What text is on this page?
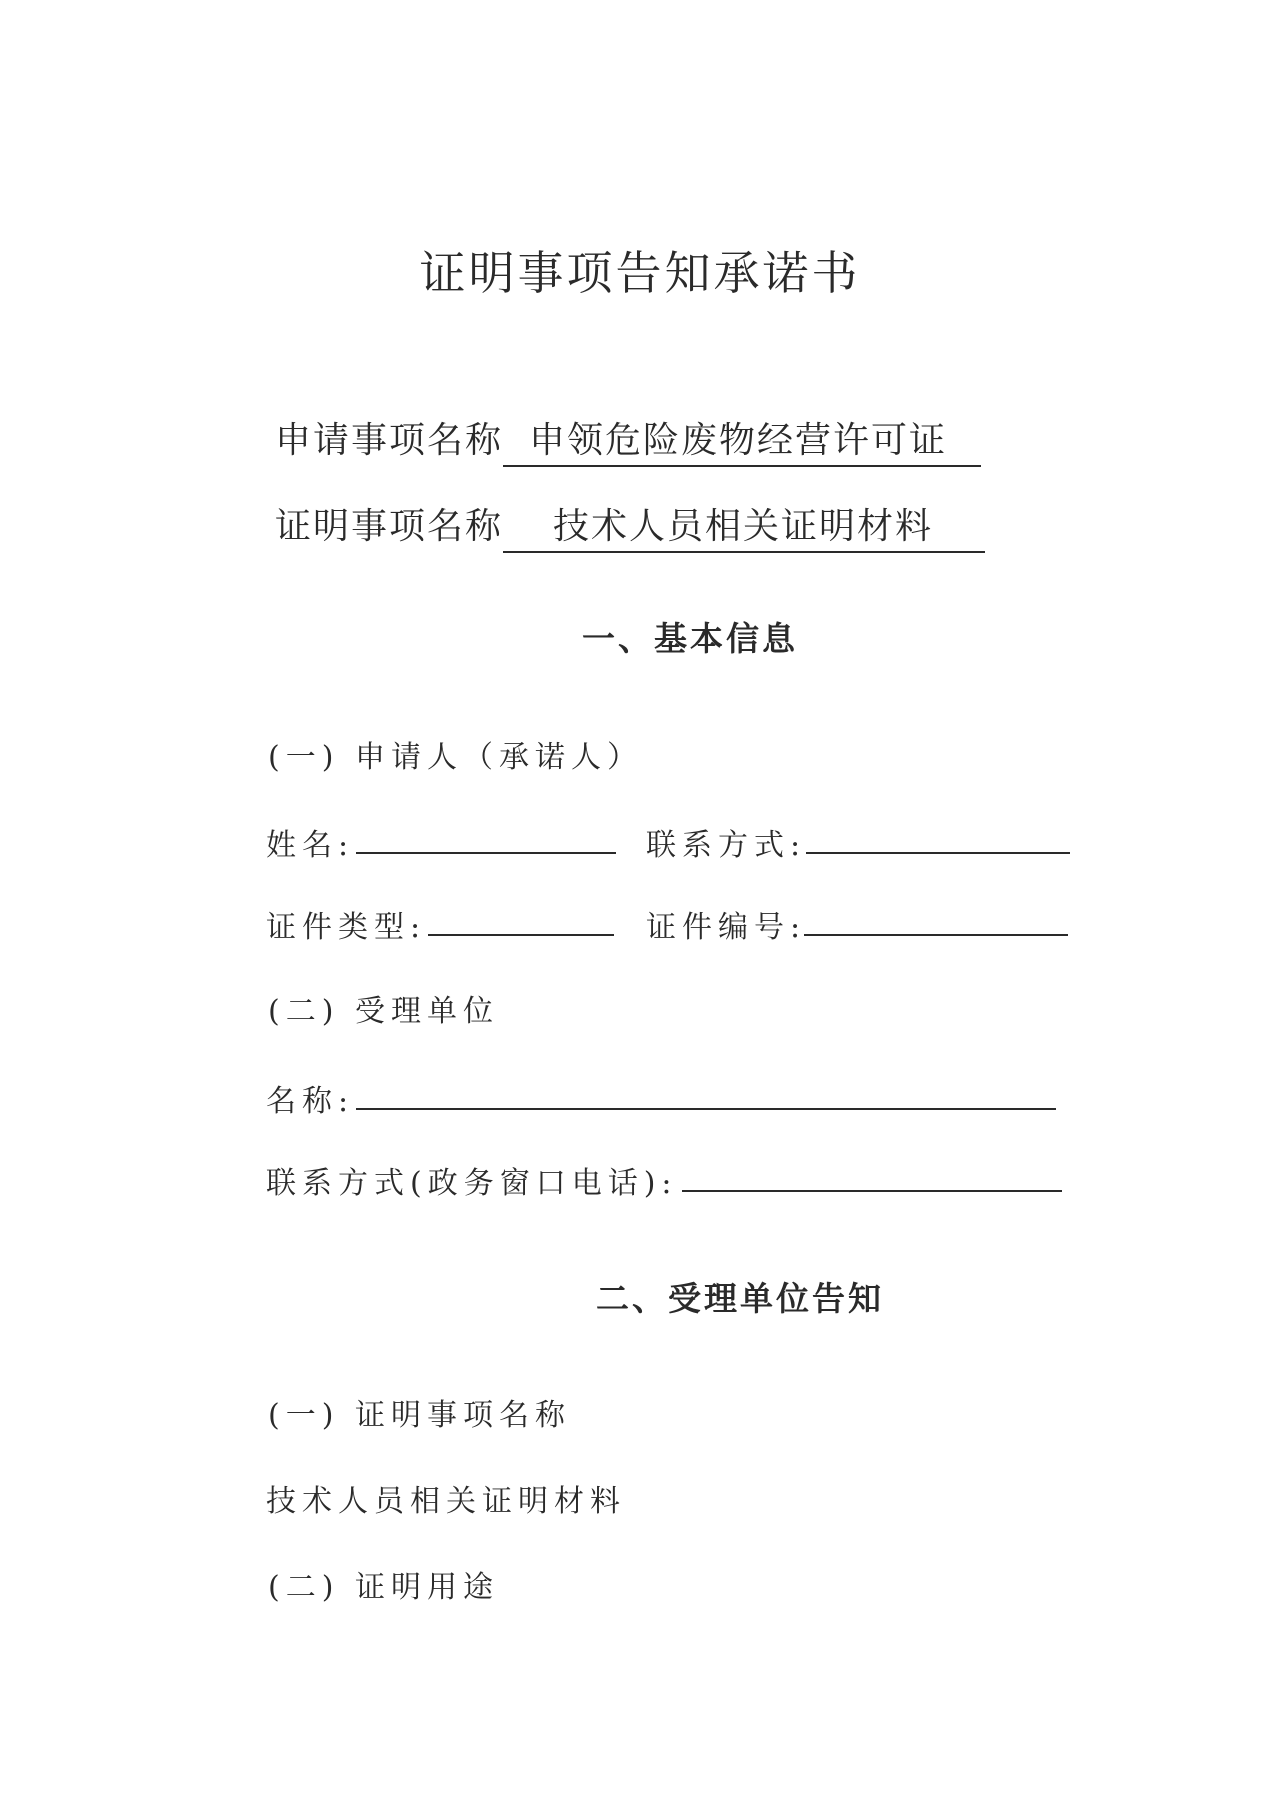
证明事项告知承诺书
申请事项名称 申领危险废物经营许可证
证明事项名称 技术人员相关证明材料
一、基本信息
(一) 申请人（承诺人）
姓名:	联系方式:
证件类型:	证件编号:
(二) 受理单位
名称:
联系方式(政务窗口电话):
二、受理单位告知
(一) 证明事项名称
技术人员相关证明材料
(二) 证明用途
